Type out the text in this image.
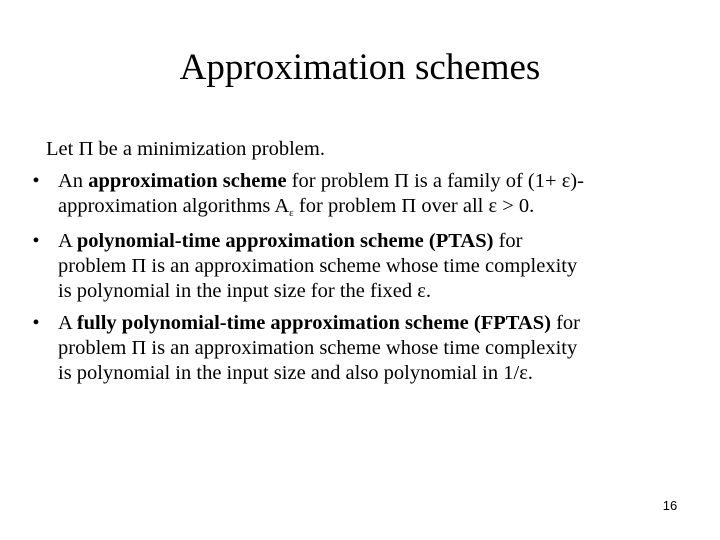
Approximation schemes

Let Π be a minimization problem.

• An approximation scheme for problem Π is a family of (1+ ε)-
approximation algorithms Aε for problem Π over all ε > 0.
• A polynomial-time approximation scheme (PTAS) for
problem Π is an approximation scheme whose time complexity
is polynomial in the input size for the fixed ε.
• A fully polynomial-time approximation scheme (FPTAS) for
problem Π is an approximation scheme whose time complexity
is polynomial in the input size and also polynomial in 1/ε.
16
